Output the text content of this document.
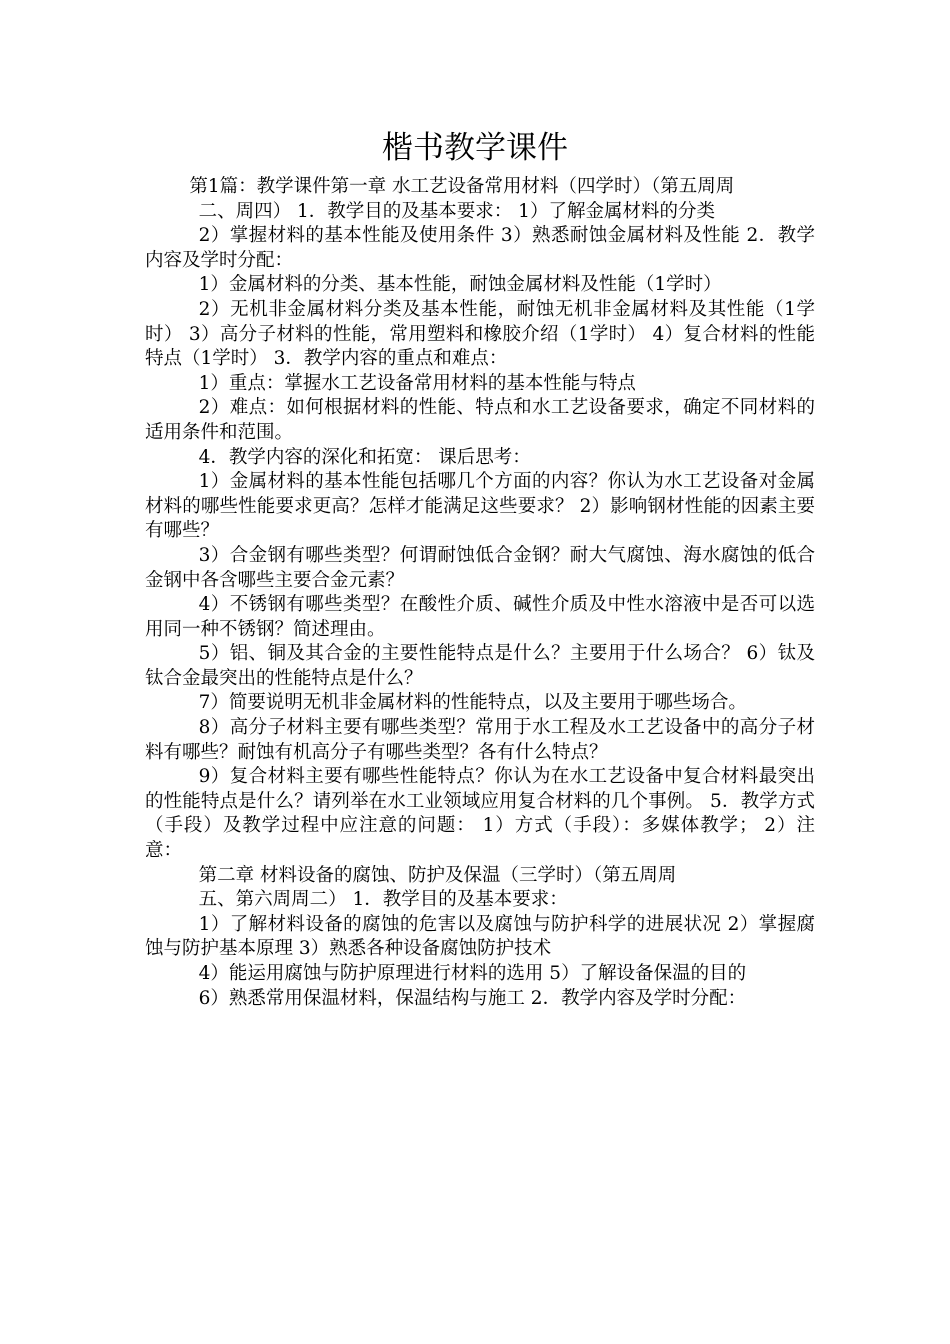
楷书教学课件

第1篇：教学课件第一章 水工艺设备常用材料（四学时）（第五周周

二、周四） 1．教学目的及基本要求： 1）了解金属材料的分类

2）掌握材料的基本性能及使用条件 3）熟悉耐蚀金属材料及性能 2．教学内容及学时分配：

1）金属材料的分类、基本性能，耐蚀金属材料及性能（1学时）

2）无机非金属材料分类及基本性能，耐蚀无机非金属材料及其性能（1学时） 3）高分子材料的性能，常用塑料和橡胶介绍（1学时） 4）复合材料的性能特点（1学时） 3．教学内容的重点和难点：

1）重点：掌握水工艺设备常用材料的基本性能与特点

2）难点：如何根据材料的性能、特点和水工艺设备要求，确定不同材料的适用条件和范围。

4．教学内容的深化和拓宽： 课后思考：

1）金属材料的基本性能包括哪几个方面的内容？你认为水工艺设备对金属材料的哪些性能要求更高？怎样才能满足这些要求？ 2）影响钢材性能的因素主要有哪些？

3）合金钢有哪些类型？何谓耐蚀低合金钢？耐大气腐蚀、海水腐蚀的低合金钢中各含哪些主要合金元素？

4）不锈钢有哪些类型？在酸性介质、碱性介质及中性水溶液中是否可以选用同一种不锈钢？简述理由。

5）铝、铜及其合金的主要性能特点是什么？主要用于什么场合？ 6）钛及钛合金最突出的性能特点是什么？

7）简要说明无机非金属材料的性能特点，以及主要用于哪些场合。

8）高分子材料主要有哪些类型？常用于水工程及水工艺设备中的高分子材料有哪些？耐蚀有机高分子有哪些类型？各有什么特点？

9）复合材料主要有哪些性能特点？你认为在水工艺设备中复合材料最突出的性能特点是什么？请列举在水工业领域应用复合材料的几个事例。 5．教学方式（手段）及教学过程中应注意的问题： 1）方式（手段）：多媒体教学； 2）注意：

第二章 材料设备的腐蚀、防护及保温（三学时）（第五周周

五、第六周周二） 1．教学目的及基本要求：

1）了解材料设备的腐蚀的危害以及腐蚀与防护科学的进展状况 2）掌握腐蚀与防护基本原理 3）熟悉各种设备腐蚀防护技术

4）能运用腐蚀与防护原理进行材料的选用 5）了解设备保温的目的

6）熟悉常用保温材料，保温结构与施工 2．教学内容及学时分配：
